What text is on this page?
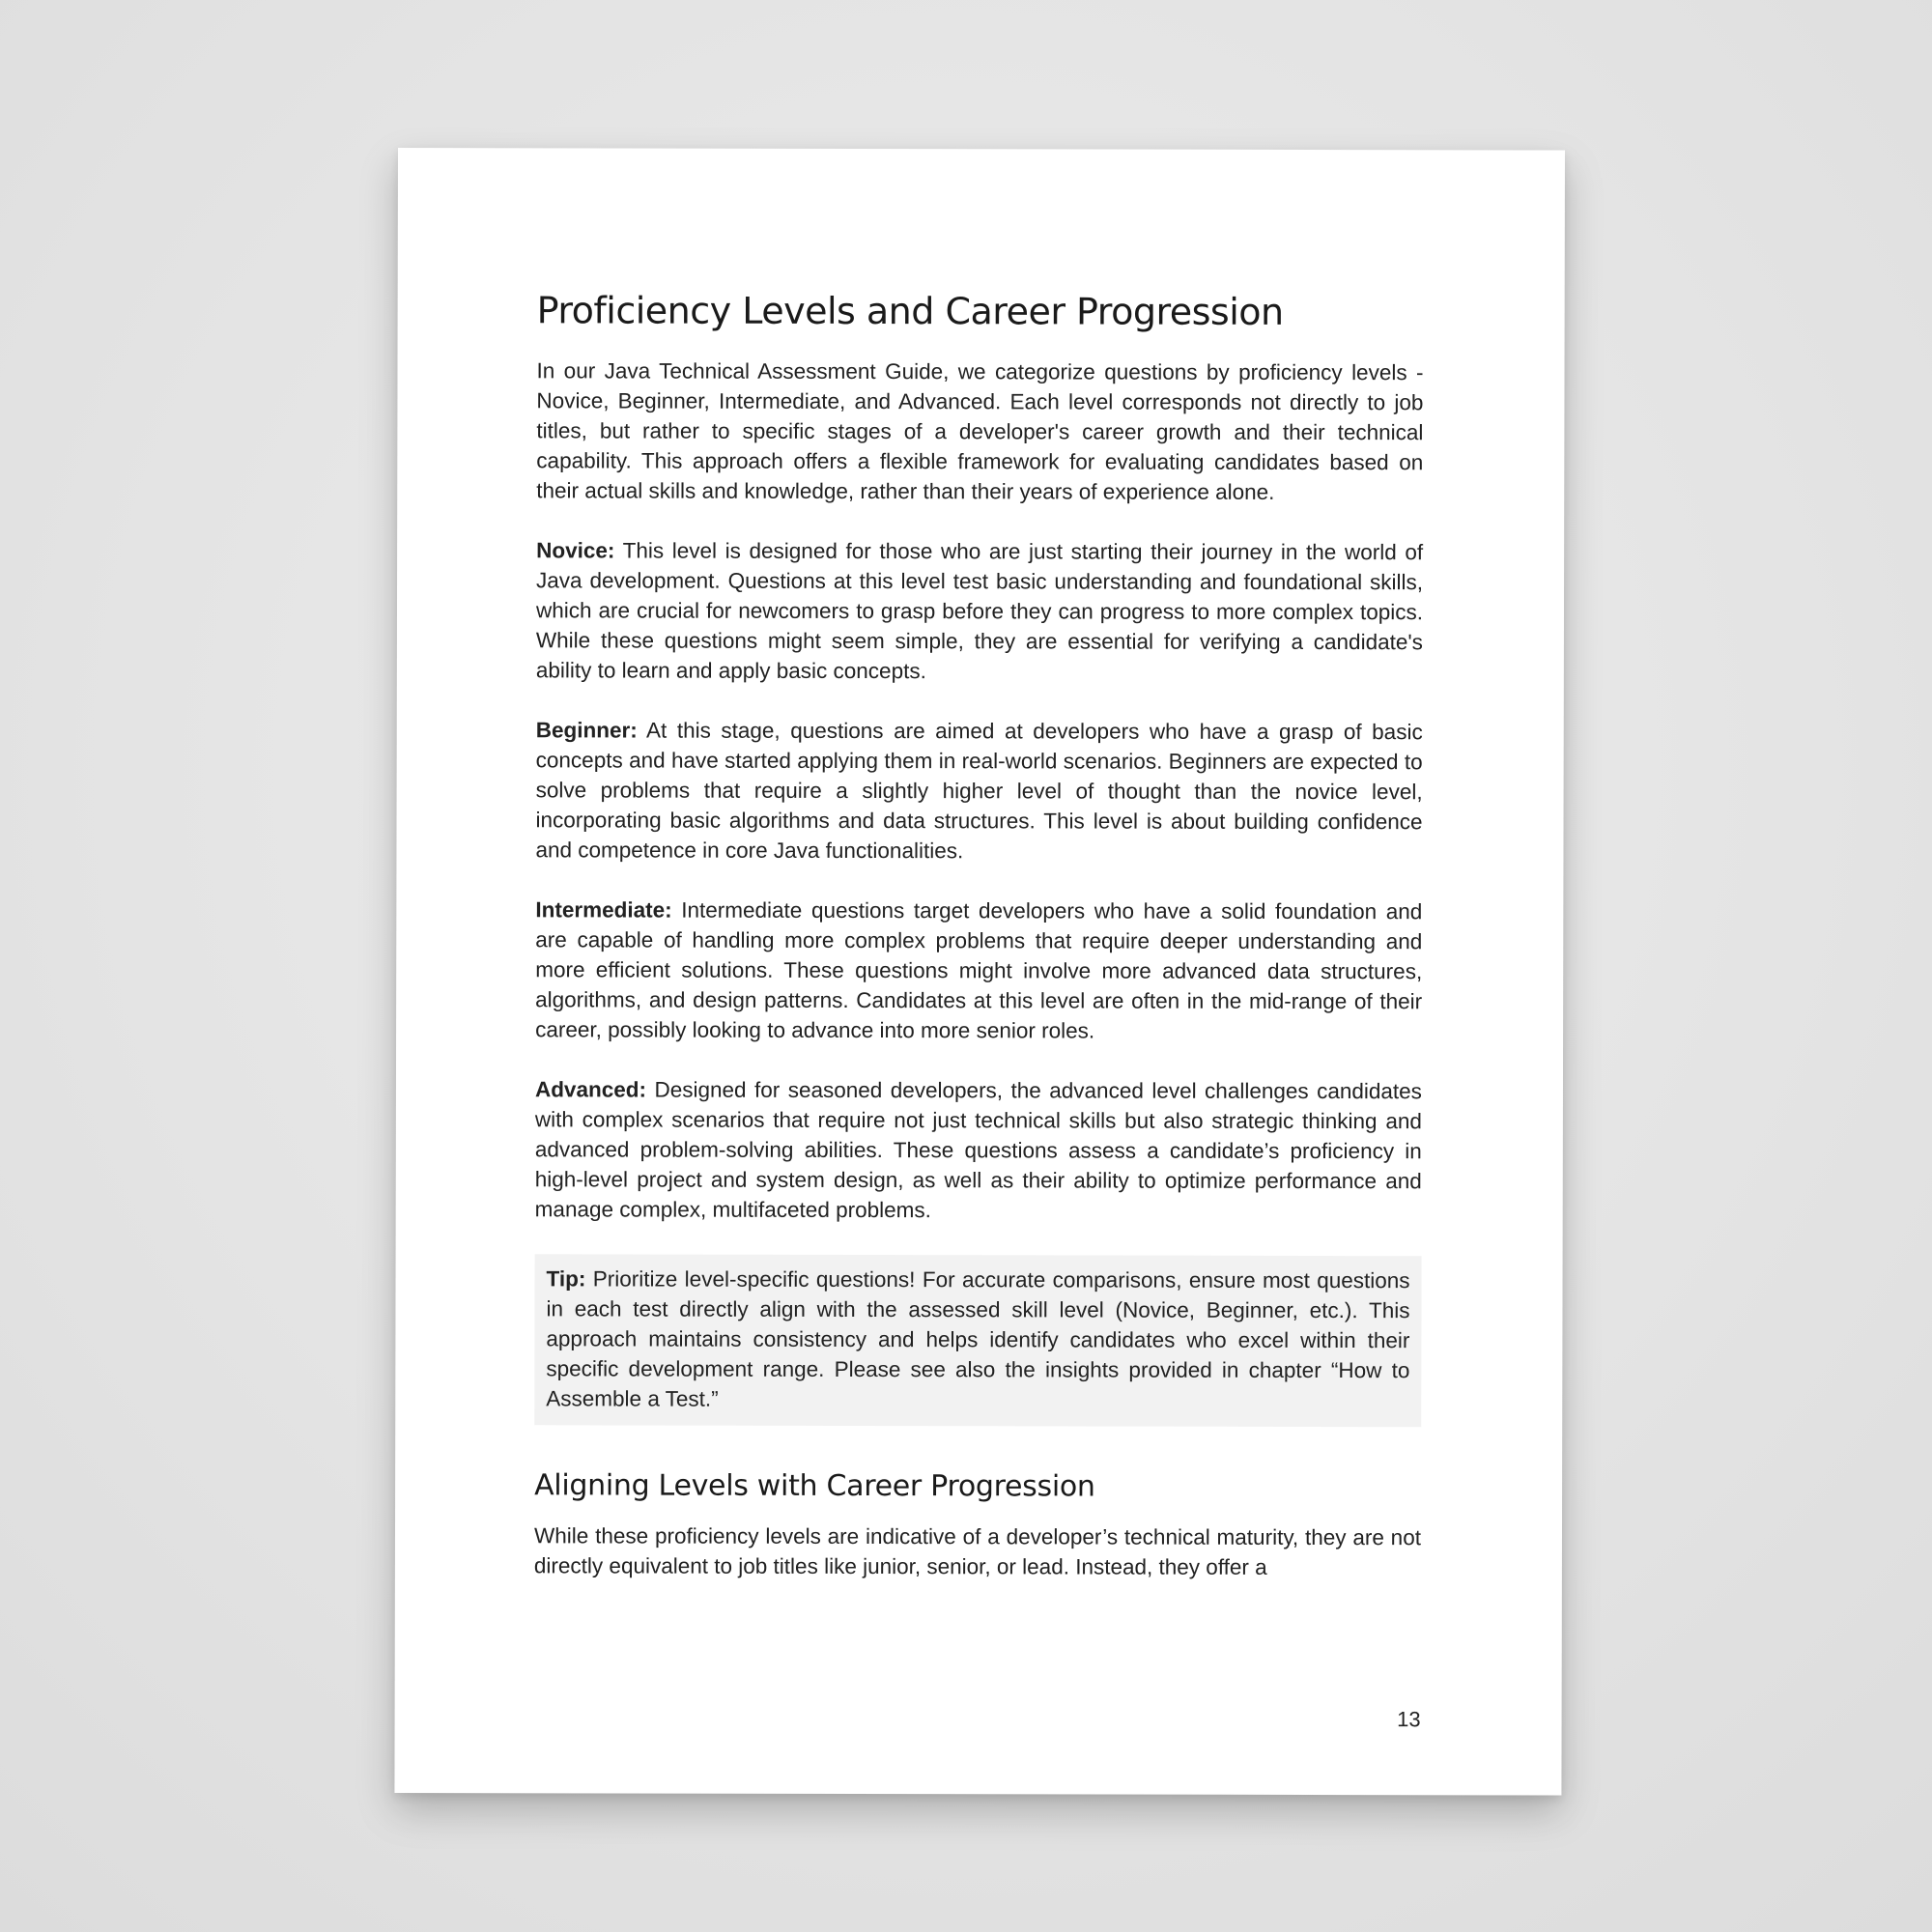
Proficiency Levels and Career Progression

In our Java Technical Assessment Guide, we categorize questions by proficiency levels - Novice, Beginner, Intermediate, and Advanced. Each level corresponds not directly to job titles, but rather to specific stages of a developer's career growth and their technical capability. This approach offers a flexible framework for evaluating candidates based on their actual skills and knowledge, rather than their years of experience alone.

Novice: This level is designed for those who are just starting their journey in the world of Java development. Questions at this level test basic understanding and foundational skills, which are crucial for newcomers to grasp before they can progress to more complex topics. While these questions might seem simple, they are essential for verifying a candidate's ability to learn and apply basic concepts.

Beginner: At this stage, questions are aimed at developers who have a grasp of basic concepts and have started applying them in real-world scenarios. Beginners are expected to solve problems that require a slightly higher level of thought than the novice level, incorporating basic algorithms and data structures. This level is about building confidence and competence in core Java functionalities.

Intermediate: Intermediate questions target developers who have a solid foundation and are capable of handling more complex problems that require deeper understanding and more efficient solutions. These questions might involve more advanced data structures, algorithms, and design patterns. Candidates at this level are often in the mid-range of their career, possibly looking to advance into more senior roles.

Advanced: Designed for seasoned developers, the advanced level challenges candidates with complex scenarios that require not just technical skills but also strategic thinking and advanced problem-solving abilities. These questions assess a candidate’s proficiency in high-level project and system design, as well as their ability to optimize performance and manage complex, multifaceted problems.

Tip: Prioritize level-specific questions! For accurate comparisons, ensure most questions in each test directly align with the assessed skill level (Novice, Beginner, etc.). This approach maintains consistency and helps identify candidates who excel within their specific development range. Please see also the insights provided in chapter “How to Assemble a Test.”
Aligning Levels with Career Progression

While these proficiency levels are indicative of a developer’s technical maturity, they are not directly equivalent to job titles like junior, senior, or lead. Instead, they offer a

13
